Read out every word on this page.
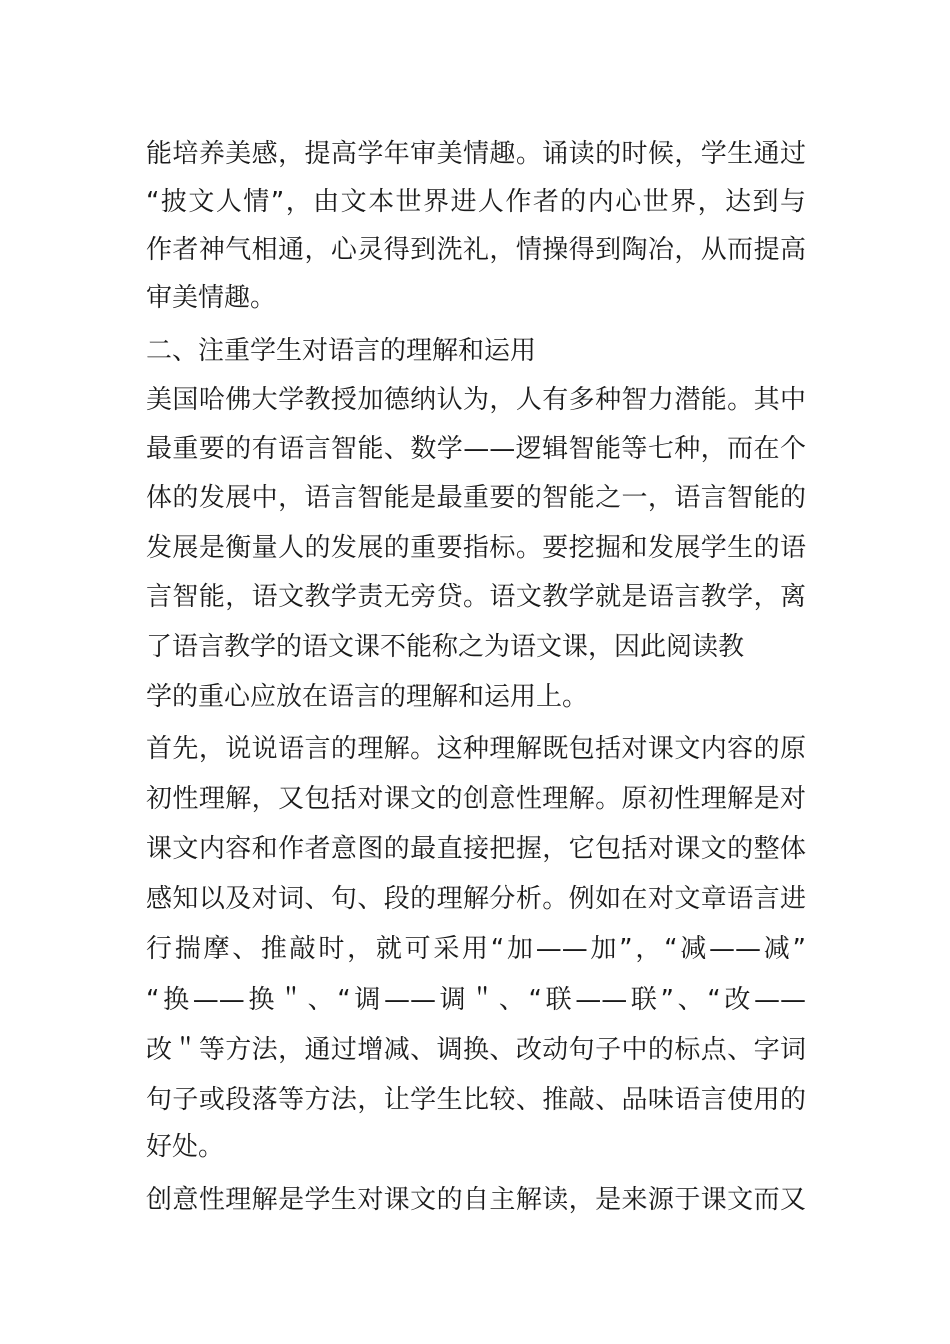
能培养美感，提高学年审美情趣。诵读的时候，学生通过
“披文人情”，由文本世界进人作者的内心世界，达到与
作者神气相通，心灵得到洗礼，情操得到陶冶，从而提高
审美情趣。
二、注重学生对语言的理解和运用
美国哈佛大学教授加德纳认为，人有多种智力潜能。其中
最重要的有语言智能、数学——逻辑智能等七种，而在个
体的发展中，语言智能是最重要的智能之一，语言智能的
发展是衡量人的发展的重要指标。要挖掘和发展学生的语
言智能，语文教学责无旁贷。语文教学就是语言教学，离
了语言教学的语文课不能称之为语文课，因此阅读教
学的重心应放在语言的理解和运用上。
首先，说说语言的理解。这种理解既包括对课文内容的原
初性理解，又包括对课文的创意性理解。原初性理解是对
课文内容和作者意图的最直接把握，它包括对课文的整体
感知以及对词、句、段的理解分析。例如在对文章语言进
行揣摩、推敲时，就可采用“加——加”，“减——减”
“换——换＂、“调——调＂、“联——联”、“改——
改＂等方法，通过增减、调换、改动句子中的标点、字词
句子或段落等方法，让学生比较、推敲、品味语言使用的
好处。
创意性理解是学生对课文的自主解读，是来源于课文而又
